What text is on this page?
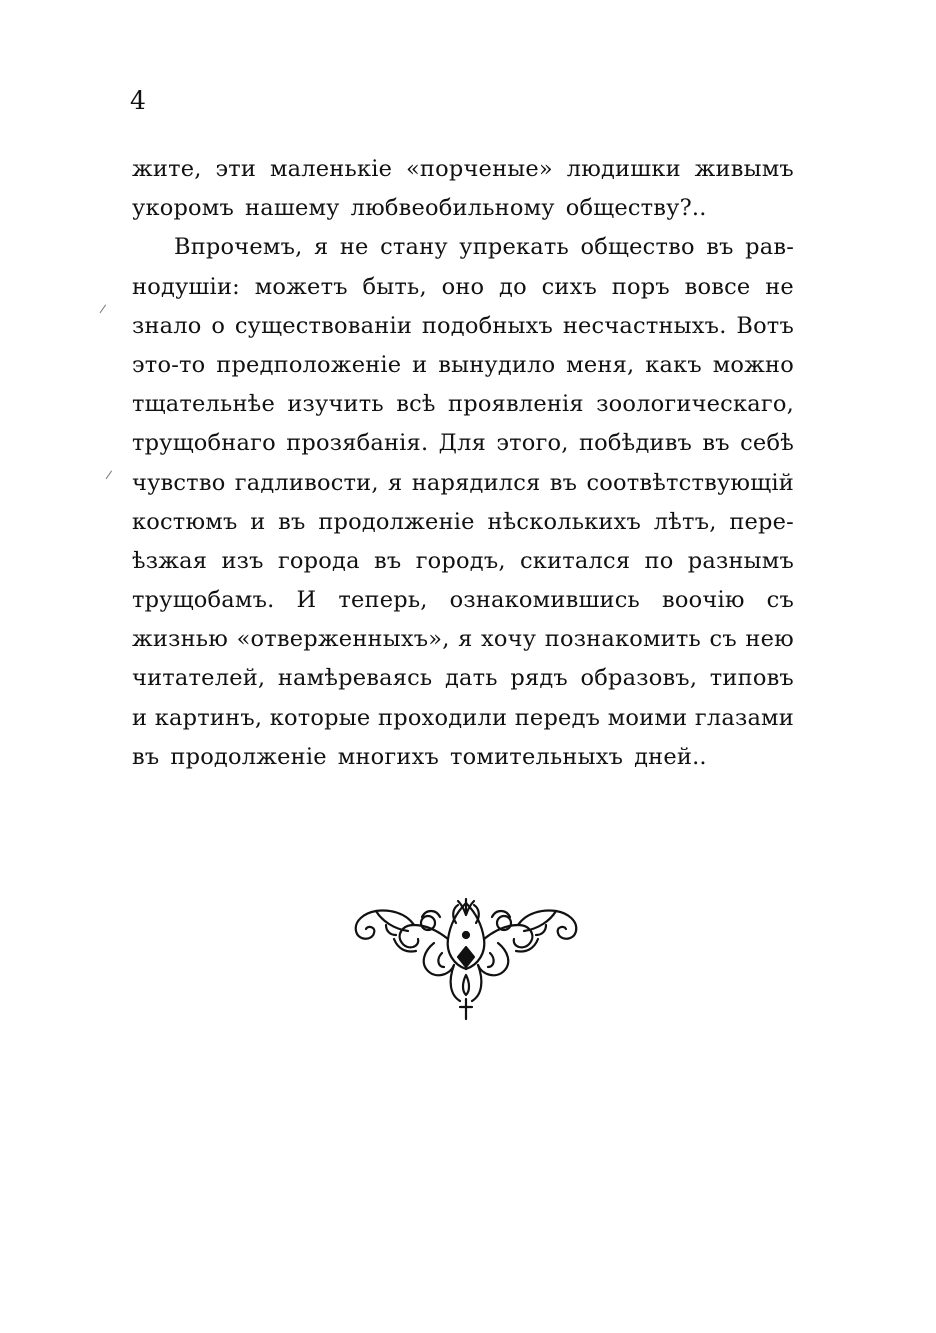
4
жите, эти маленькіе «порченые» людишки живымъ
укоромъ нашему любвеобильному обществу?..
Впрочемъ, я не стану упрекать общество въ рав-
нодушіи: можетъ быть, оно до сихъ поръ вовсе не
знало о существованіи подобныхъ несчастныхъ. Вотъ
это-то предположеніе и вынудило меня, какъ можно
тщательнѣе изучить всѣ проявленія зоологическаго,
трущобнаго прозябанія. Для этого, побѣдивъ въ себѣ
чувство гадливости, я нарядился въ соотвѣтствующій
костюмъ и въ продолженіе нѣсколькихъ лѣтъ, пере-
ѣзжая изъ города въ городъ, скитался по разнымъ
трущобамъ. И теперь, ознакомившись воочію съ
жизнью «отверженныхъ», я хочу познакомить съ нею
читателей, намѣреваясь дать рядъ образовъ, типовъ
и картинъ, которые проходили передъ моими глазами
въ продолженіе многихъ томительныхъ дней..
